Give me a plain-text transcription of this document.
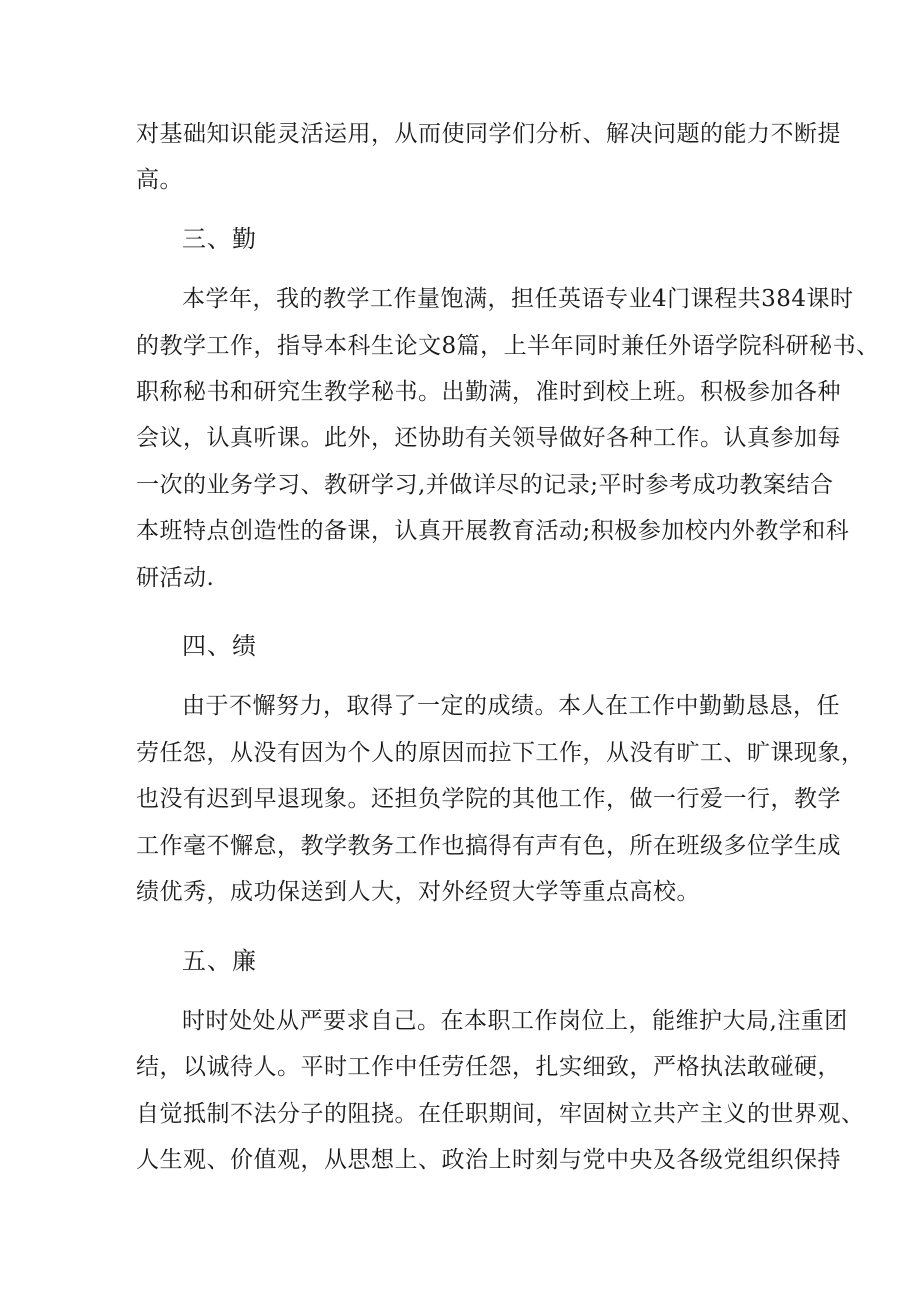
对基础知识能灵活运用，从而使同学们分析、解决问题的能力不断提
高。
三、勤
本学年，我的教学工作量饱满，担任英语专业4门课程共384课时
的教学工作，指导本科生论文8篇，上半年同时兼任外语学院科研秘书、
职称秘书和研究生教学秘书。出勤满，准时到校上班。积极参加各种
会议，认真听课。此外，还协助有关领导做好各种工作。认真参加每
一次的业务学习、教研学习,并做详尽的记录;平时参考成功教案结合
本班特点创造性的备课，认真开展教育活动;积极参加校内外教学和科
研活动.
四、绩
由于不懈努力，取得了一定的成绩。本人在工作中勤勤恳恳，任
劳任怨，从没有因为个人的原因而拉下工作，从没有旷工、旷课现象，
也没有迟到早退现象。还担负学院的其他工作，做一行爱一行，教学
工作毫不懈怠，教学教务工作也搞得有声有色，所在班级多位学生成
绩优秀，成功保送到人大，对外经贸大学等重点高校。
五、廉
时时处处从严要求自己。在本职工作岗位上，能维护大局,注重团
结，以诚待人。平时工作中任劳任怨，扎实细致，严格执法敢碰硬，
自觉抵制不法分子的阻挠。在任职期间，牢固树立共产主义的世界观、
人生观、价值观，从思想上、政治上时刻与党中央及各级党组织保持
